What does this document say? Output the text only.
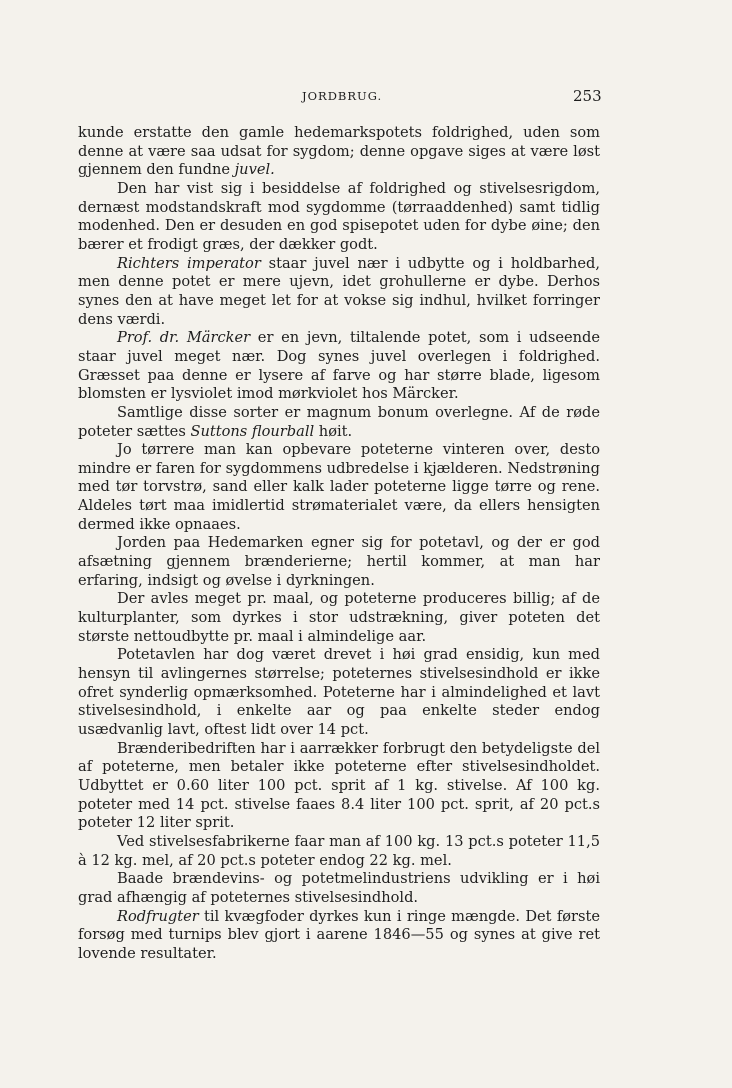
JORDBRUG.	253

kunde erstatte den gamle hedemarkspotets foldrighed, uden som denne at være saa udsat for sygdom; denne opgave siges at være løst gjennem den fundne juvel.

Den har vist sig i besiddelse af foldrighed og stivelsesrigdom, dernæst modstandskraft mod sygdomme (tørraaddenhed) samt tidlig modenhed. Den er desuden en god spisepotet uden for dybe øine; den bærer et frodigt græs, der dækker godt.

Richters imperator staar juvel nær i udbytte og i holdbarhed, men denne potet er mere ujevn, idet grohullerne er dybe. Derhos synes den at have meget let for at vokse sig indhul, hvilket forringer dens værdi.

Prof. dr. Märcker er en jevn, tiltalende potet, som i udseende staar juvel meget nær. Dog synes juvel overlegen i foldrighed. Græsset paa denne er lysere af farve og har større blade, ligesom blomsten er lysviolet imod mørkviolet hos Märcker.

Samtlige disse sorter er magnum bonum overlegne. Af de røde poteter sættes Suttons flourball høit.

Jo tørrere man kan opbevare poteterne vinteren over, desto mindre er faren for sygdommens udbredelse i kjælderen. Nedstrøning med tør torvstrø, sand eller kalk lader poteterne ligge tørre og rene. Aldeles tørt maa imidlertid strømaterialet være, da ellers hensigten dermed ikke opnaaes.

Jorden paa Hedemarken egner sig for potetavl, og der er god afsætning gjennem brænderierne; hertil kommer, at man har erfaring, indsigt og øvelse i dyrkningen.

Der avles meget pr. maal, og poteterne produceres billig; af de kulturplanter, som dyrkes i stor udstrækning, giver poteten det største nettoudbytte pr. maal i almindelige aar.

Potetavlen har dog været drevet i høi grad ensidig, kun med hensyn til avlingernes størrelse; poteternes stivelsesindhold er ikke ofret synderlig opmærksomhed. Poteterne har i almindelighed et lavt stivelsesindhold, i enkelte aar og paa enkelte steder endog usædvanlig lavt, oftest lidt over 14 pct.

Brænderibedriften har i aarrækker forbrugt den betydeligste del af poteterne, men betaler ikke poteterne efter stivelsesindholdet. Udbyttet er 0.60 liter 100 pct. sprit af 1 kg. stivelse. Af 100 kg. poteter med 14 pct. stivelse faaes 8.4 liter 100 pct. sprit, af 20 pct.s poteter 12 liter sprit.

Ved stivelsesfabrikerne faar man af 100 kg. 13 pct.s poteter 11,5 à 12 kg. mel, af 20 pct.s poteter endog 22 kg. mel.

Baade brændevins- og potetmelindustriens udvikling er i høi grad afhængig af poteternes stivelsesindhold.

Rodfrugter til kvægfoder dyrkes kun i ringe mængde. Det første forsøg med turnips blev gjort i aarene 1846—55 og synes at give ret lovende resultater.
